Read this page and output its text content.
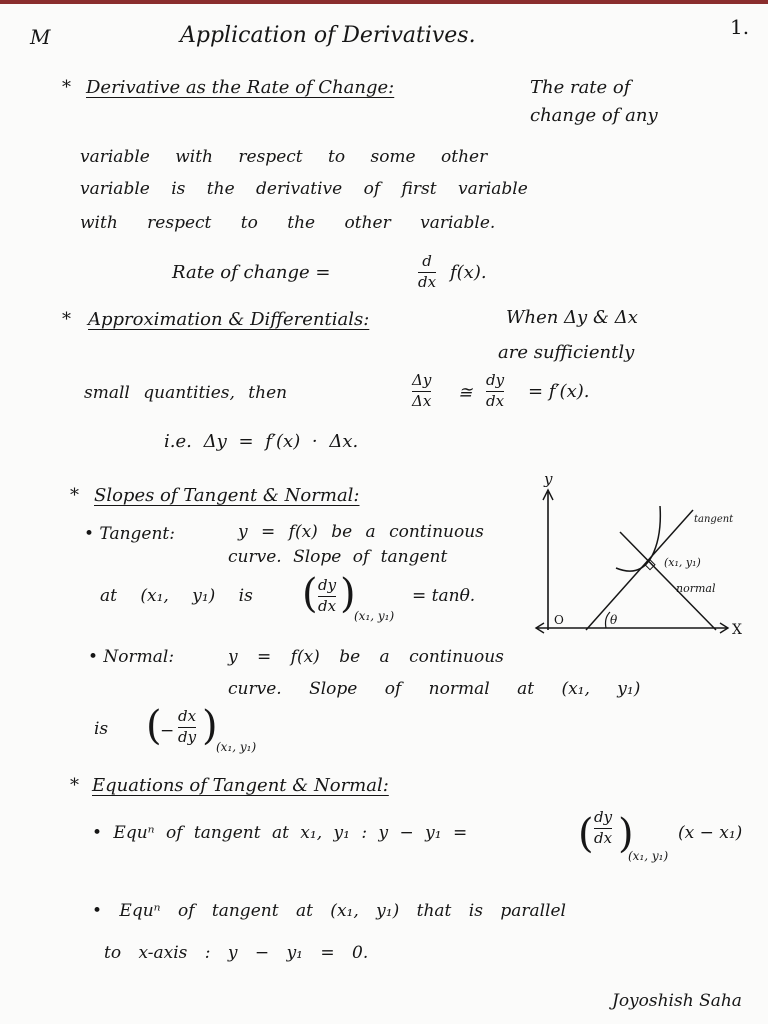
M	Application of Derivatives.	1.
* Derivative as the Rate of Change:	The rate of
change of any
variable with respect to some other
variable is the derivative of first variable
with respect to the other variable.
Rate of change =
d
dx f(x).
* Approximation & Differentials:	When Δy & Δx
are sufficiently
small quantities, then
Δy
Δx ≅
dy
dx = f′(x).
i.e. Δy = f′(x) · Δx.
* Slopes of Tangent & Normal:
• Tangent:	y = f(x) be a continuous
curve. Slope of tangent
at (x₁, y₁) is
dy
dx
( )
(x₁, y₁)
= tanθ.
• Normal:	y = f(x) be a continuous
curve. Slope of normal at (x₁, y₁)
is (
−
dx
dy )
(x₁, y₁)
y
X
O	θ
(x₁, y₁)
tangent
normal
* Equations of Tangent & Normal:
• Equⁿ of tangent at x₁, y₁ : y − y₁ =	( dy
dx )
(x₁, y₁)
(x − x₁)
• Equⁿ of tangent at (x₁, y₁) that is parallel
to x-axis : y − y₁ = 0.
Joyoshish Saha
